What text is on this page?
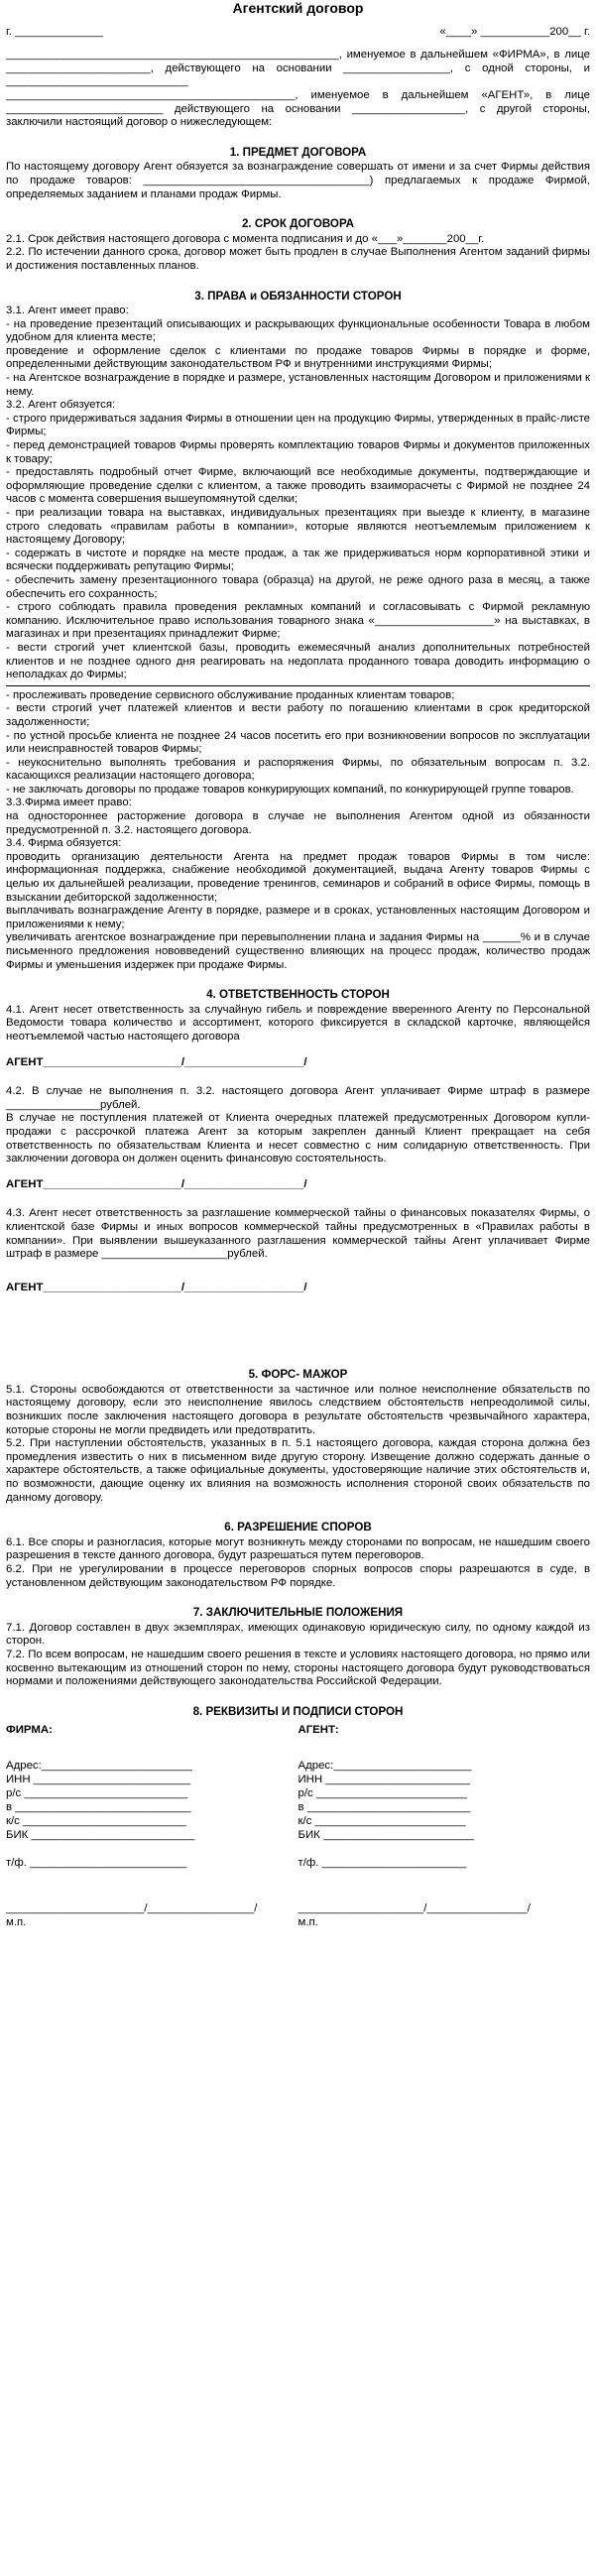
Агентский договор
г. ______________	«____» ___________200__ г.

_____________________________________________________, именуемое в дальнейшем «ФИРМА», в лице _______________________, действующего на основании _________________, с одной стороны, и _____________________________

______________________________________________, именуемое в дальнейшем «АГЕНТ», в лице _________________________ действующего на основании __________________, с другой стороны, заключили настоящий договор о нижеследующем:

1. ПРЕДМЕТ ДОГОВОРА

По настоящему договору Агент обязуется за вознаграждение совершать от имени и за счет Фирмы действия по продаже товаров: ____________________________________) предлагаемых к продаже Фирмой, определяемых заданием и планами продаж Фирмы.

2. СРОК ДОГОВОРА

2.1. Срок действия настоящего договора с момента подписания и до «___»_______200__г.

2.2. По истечении данного срока, договор может быть продлен в случае Выполнения Агентом заданий фирмы и достижения поставленных планов.

3. ПРАВА и ОБЯЗАННОСТИ СТОРОН

3.1. Агент имеет право:

- на проведение презентаций описывающих и раскрывающих функциональные особенности Товара в любом удобном для клиента месте;

проведение и оформление сделок с клиентами по продаже товаров Фирмы в порядке и форме, определенными действующим законодательством РФ и внутренними инструкциями Фирмы;

- на Агентское вознаграждение в порядке и размере, установленных настоящим Договором и приложениями к нему.

3.2. Агент обязуется:

- строго придерживаться задания Фирмы в отношении цен на продукцию Фирмы, утвержденных в прайс-листе Фирмы;

- перед демонстрацией товаров Фирмы проверять комплектацию товаров Фирмы и документов приложенных к товару;

- предоставлять подробный отчет Фирме, включающий все необходимые документы, подтверждающие и оформляющие проведение сделки с клиентом, а также проводить взаиморасчеты с Фирмой не позднее 24 часов с момента совершения вышеупомянутой сделки;

- при реализации товара на выставках, индивидуальных презентациях при выезде к клиенту, в магазине строго следовать «правилам работы в компании», которые являются неотъемлемым приложением к настоящему Договору;

- содержать в чистоте и порядке на месте продаж, а так же придерживаться норм корпоративной этики и всячески поддерживать репутацию Фирмы;

- обеспечить замену презентационного товара (образца) на другой, не реже одного раза в месяц, а также обеспечить его сохранность;

- строго соблюдать правила проведения рекламных компаний и согласовывать с Фирмой рекламную компанию. Исключительное право использования товарного знака «___________________» на выставках, в магазинах и при презентациях принадлежит Фирме;

- вести строгий учет клиентской базы, проводить ежемесячный анализ дополнительных потребностей клиентов и не позднее одного дня реагировать на недоплата проданного товара доводить информацию о неполадках до Фирмы;

- прослеживать проведение сервисного обслуживание проданных клиентам товаров;

- вести строгий учет платежей клиентов и вести работу по погашению клиентами в срок кредиторской задолженности;

- по устной просьбе клиента не позднее 24 часов посетить его при возникновении вопросов по эксплуатации или неисправностей товаров Фирмы;

- неукоснительно выполнять требования и распоряжения Фирмы, по обязательным вопросам п. 3.2. касающихся реализации настоящего договора;

- не заключать договоры по продаже товаров конкурирующих компаний, по конкурирующей группе товаров.

3.3.Фирма имеет право:

на одностороннее расторжение договора в случае не выполнения Агентом одной из обязанности предусмотренной п. 3.2. настоящего договора.

3.4. Фирма обязуется:

проводить организацию деятельности Агента на предмет продаж товаров Фирмы в том числе: информационная поддержка, снабжение необходимой документацией, выдача Агенту товаров Фирмы с целью их дальнейшей реализации, проведение тренингов, семинаров и собраний в офисе Фирмы, помощь в взыскании дебиторской задолженности;

выплачивать вознаграждение Агенту в порядке, размере и в сроках, установленных настоящим Договором и приложениями к нему;

увеличивать агентское вознаграждение при перевыполнении плана и задания Фирмы на ______% и в случае письменного предложения нововведений существенно влияющих на процесс продаж, количество продаж Фирмы и уменьшения издержек при продаже Фирмы.

4. ОТВЕТСТВЕННОСТЬ СТОРОН

4.1. Агент несет ответственность за случайную гибель и повреждение вверенного Агенту по Персональной Ведомости товара количество и ассортимент, которого фиксируется в складской карточке, являющейся неотъемлемой частью настоящего договора

АГЕНТ______________________/___________________/

4.2. В случае не выполнения п. 3.2. настоящего договора Агент уплачивает Фирме штраф в размере _______________рублей.

В случае не поступления платежей от Клиента очередных платежей предусмотренных Договором купли-продажи с рассрочкой платежа Агент за которым закреплен данный Клиент прекращает на себя ответственность по обязательствам Клиента и несет совместно с ним солидарную ответственность. При заключении договора он должен оценить финансовую состоятельность.

АГЕНТ______________________/___________________/

4.3. Агент несет ответственность за разглашение коммерческой тайны о финансовых показателях Фирмы, о клиентской базе Фирмы и иных вопросов коммерческой тайны предусмотренных в «Правилах работы в компании». При выявлении вышеуказанного разглашения коммерческой тайны Агент уплачивает Фирме штраф в размере ____________________рублей.

АГЕНТ______________________/___________________/
5. ФОРС- МАЖОР

5.1. Стороны освобождаются от ответственности за частичное или полное неисполнение обязательств по настоящему договору, если это неисполнение явилось следствием обстоятельств непреодолимой силы, возникших после заключения настоящего договора в результате обстоятельств чрезвычайного характера, которые стороны не могли предвидеть или предотвратить.

5.2. При наступлении обстоятельств, указанных в п. 5.1 настоящего договора, каждая сторона должна без промедления известить о них в письменном виде другую сторону. Извещение должно содержать данные о характере обстоятельств, а также официальные документы, удостоверяющие наличие этих обстоятельств и, по возможности, дающие оценку их влияния на возможность исполнения стороной своих обязательств по данному договору.

6. РАЗРЕШЕНИЕ СПОРОВ

6.1. Все споры и разногласия, которые могут возникнуть между сторонами по вопросам, не нашедшим своего разрешения в тексте данного договора, будут разрешаться путем переговоров.

6.2. При не урегулировании в процессе переговоров спорных вопросов споры разрешаются в суде, в установленном действующим законодательством РФ порядке.

7. ЗАКЛЮЧИТЕЛЬНЫЕ ПОЛОЖЕНИЯ

7.1. Договор составлен в двух экземплярах, имеющих одинаковую юридическую силу, по одному каждой из сторон.

7.2. По всем вопросам, не нашедшим своего решения в тексте и условиях настоящего договора, но прямо или косвенно вытекающим из отношений сторон по нему, стороны настоящего договора будут руководствоваться нормами и положениями действующего законодательства Российской Федерации.

8. РЕКВИЗИТЫ И ПОДПИСИ СТОРОН
ФИРМА:
Адрес:________________________
ИНН _________________________
р/с __________________________
в ____________________________
к/с __________________________
БИК __________________________
т/ф. _________________________
______________________/_________________/
м.п.
АГЕНТ:
Адрес:______________________
ИНН _______________________
р/с ________________________
в __________________________
к/с ________________________
БИК ________________________
т/ф. _______________________
____________________/________________/
м.п.
